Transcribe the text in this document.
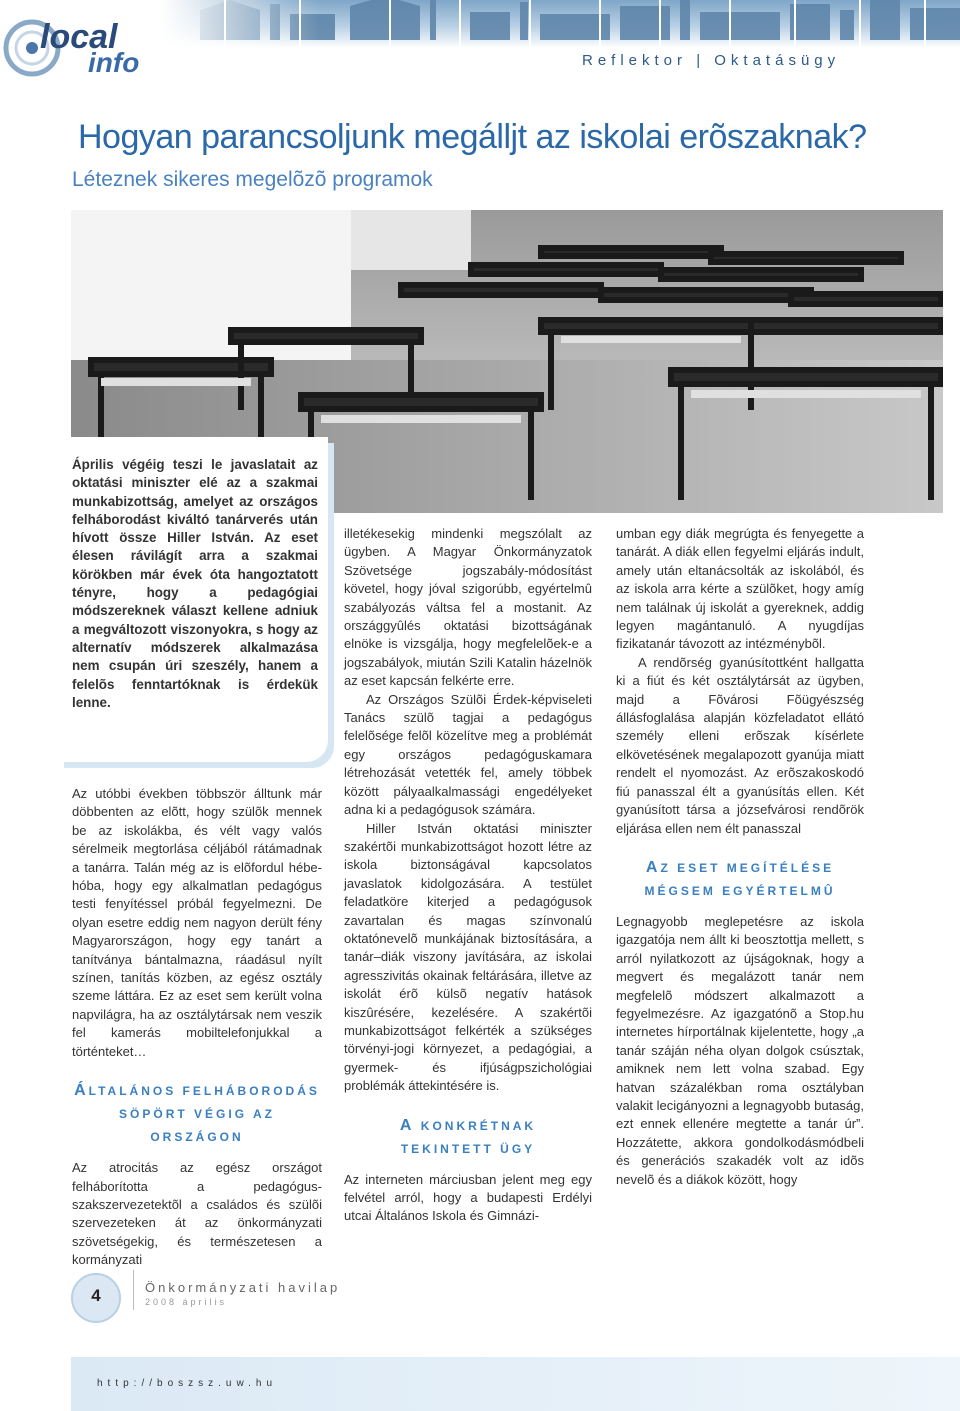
local
info	Reflektor | Oktatásügy
Hogyan parancsoljunk megállјt az iskolai erõszaknak?
Léteznek sikeres megelõzõ programok

Április végéig teszi le javaslatait az oktatási miniszter elé az a szakmai munkabizottság, amelyet az országos felháborodást kiváltó tanárverés után hívott össze Hiller István. Az eset élesen rávilágít arra a szakmai körökben már évek óta hangoztatott tényre, hogy a pedagógiai módszereknek választ kellene adniuk a megváltozott viszonyokra, s hogy az alternatív módszerek alkalmazása nem csupán úri szeszély, hanem a felelõs fenntartóknak is érdekük lenne.

Az utóbbi években többször álltunk már döbbenten az elõtt, hogy szülõk mennek be az iskolákba, és vélt vagy valós sérelmeik megtorlása céljából rátámadnak a tanárra. Talán még az is elõfordul hébe-hóba, hogy egy alkalmatlan pedagógus testi fenyítéssel próbál fegyelmezni. De olyan esetre eddig nem nagyon derült fény Magyarországon, hogy egy tanárt a tanítványa bántalmazna, ráadásul nyílt színen, tanítás közben, az egész osztály szeme láttára. Ez az eset sem került volna napvilágra, ha az osztálytársak nem veszik fel kamerás mobiltelefonjukkal a történteket…

ÁLTALÁNOS FELHÁBORODÁS
SÖPÖRT VÉGIG AZ ORSZÁGON

Az atrocitás az egész országot felháborította a pedagógus-szakszervezetektõl a családos és szülõi szervezeteken át az önkormányzati szövetségekig, és természetesen a kormányzati

illetékesekig mindenki megszólalt az ügyben. A Magyar Önkormányzatok Szövetsége jogszabály-módosítást követel, hogy jóval szigorúbb, egyértelmû szabályozás váltsa fel a mostanit. Az országgyûlés oktatási bizottságának elnöke is vizsgálja, hogy megfelelõek-e a jogszabályok, miután Szili Katalin házelnök az eset kapcsán felkérte erre.

Az Országos Szülõi Érdek-képviseleti Tanács szülõ tagjai a pedagógus felelõsége felõl közelítve meg a problémát egy országos pedagóguskamara létrehozását vetették fel, amely többek között pályaalkalmassági engedélyeket adna ki a pedagógusok számára.

Hiller István oktatási miniszter szakértõi munkabizottságot hozott létre az iskola biztonságával kapcsolatos javaslatok kidolgozására. A testület feladatköre kiterjed a pedagógusok zavartalan és magas színvonalú oktatónevelõ munkájának biztosítására, a tanár–diák viszony javítására, az iskolai agresszivitás okainak feltárására, illetve az iskolát érõ külsõ negatív hatások kiszûrésére, kezelésére. A szakértõi munkabizottságot felkérték a szükséges törvényi-jogi környezet, a pedagógiai, a gyermek- és ifjúságpszichológiai problémák áttekintésére is.

A KONKRÉTNAK
TEKINTETT ÜGY

Az interneten márciusban jelent meg egy felvétel arról, hogy a budapesti Erdélyi utcai Általános Iskola és Gimnázi-

umban egy diák megrúgta és fenyegette a tanárát. A diák ellen fegyelmi eljárás indult, amely után eltanácsolták az iskolából, és az iskola arra kérte a szülõket, hogy amíg nem találnak új iskolát a gyereknek, addig legyen magántanuló. A nyugdíjas fizikatanár távozott az intézménybõl.

A rendõrség gyanúsítottként hallgatta ki a fiút és két osztálytársát az ügyben, majd a Fõvárosi Fõügyészség állásfoglalása alapján közfeladatot ellátó személy elleni erõszak kísérlete elkövetésének megalapozott gyanúja miatt rendelt el nyomozást. Az erõszakoskodó fiú panasszal élt a gyanúsítás ellen. Két gyanúsított társa a józsefvárosi rendõrök eljárása ellen nem élt panasszal

AZ ESET MEGÍTÉLÉSE
MÉGSEM EGYÉRTELMÛ

Legnagyobb meglepetésre az iskola igazgatója nem állt ki beosztottja mellett, s arról nyilatkozott az újságoknak, hogy a megvert és megalázott tanár nem megfelelõ módszert alkalmazott a fegyelmezésre. Az igazgatónõ a Stop.hu internetes hírportálnak kijelentette, hogy „a tanár száján néha olyan dolgok csúsztak, amiknek nem lett volna szabad. Egy hatvan százalékban roma osztályban valakit lecigányozni a legnagyobb butaság, ezt ennek ellenére megtette a tanár úr”. Hozzátette, akkora gondolkodásmódbeli és generációs szakadék volt az idõs nevelõ és a diákok között, hogy

4	Önkormányzati havilap
2008 április
http://boszsz.uw.hu
